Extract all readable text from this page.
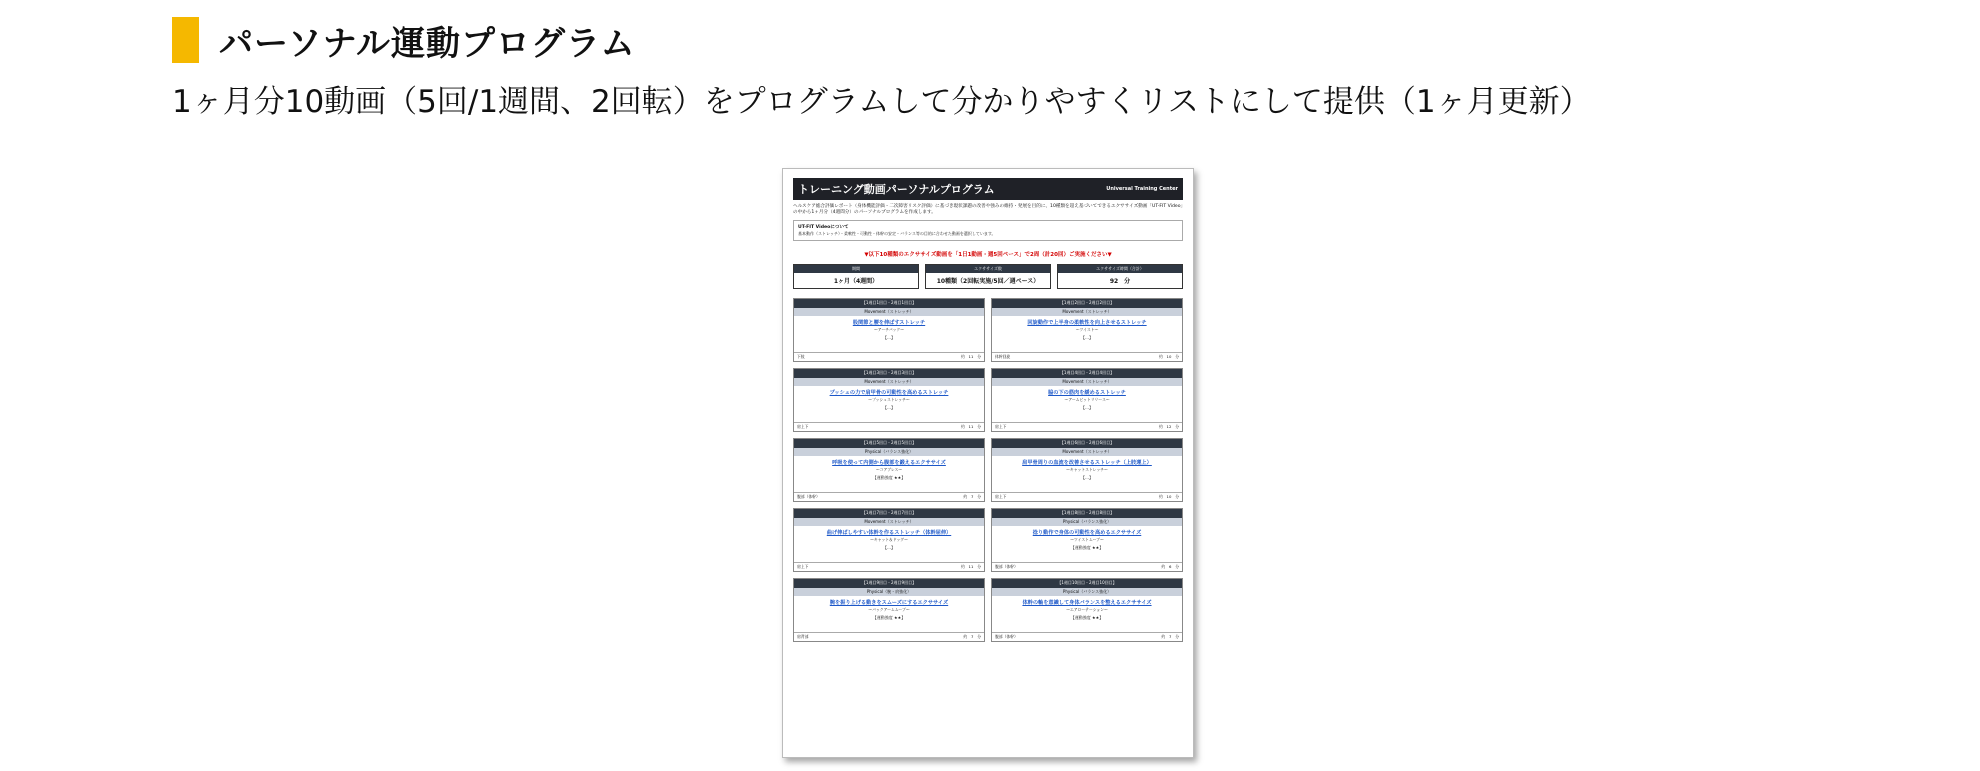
パーソナル運動プログラム
1ヶ月分10動画（5回/1週間、2回転）をプログラムして分かりやすくリストにして提供（1ヶ月更新）
トレーニング動画パーソナルプログラム	Universal Training Center
ヘルスケア総合評価レポート（身体機能評価・二次障害リスク評価）に基づき現状課題の改善や強みの維持・発展を目的に、10種類を超え基づいてできるエクササイズ動画「UT-FIT Video」の中から1ヶ月分（4週間分）のパーソナルプログラムを作成します。
UT-FIT Videoについて
基本動作（ストレッチ）・柔軟性・可動性・体幹の安定・バランス等の目的に合わせた動画を選択しています。
▼以下10種類のエクササイズ動画を「1日1動画・週5回ペース」で2周（計20回）ご実施ください▼
期間
1ヶ月（4週間）
エクササイズ数
10種類（2回転実施/5回／週ペース）
エクササイズ時間（合計）
92　分
【1週目1回目・2週目1回目】
Movement（ストレッチ）
股関節と腰を伸ばすストレッチ
～アーチバック～
【…】
下肢	約　11　分
【1週目2回目・2週目2回目】
Movement（ストレッチ）
回旋動作で上半身の柔軟性を向上させるストレッチ
～ツイスト～
【…】
体幹回旋	約　10　分
【1週目3回目・2週目3回目】
Movement（ストレッチ）
プッシュの力で肩甲骨の可動性を高めるストレッチ
～プッシュストレッチ～
【…】
肩上下	約　11　分
【1週目4回目・2週目4回目】
Movement（ストレッチ）
脇の下の筋肉を緩めるストレッチ
～アームピットリリース～
【…】
肩上下	約　12　分
【1週目5回目・2週目5回目】
Physical（バランス強化）
呼吸を使って内側から腹部を鍛えるエクササイズ
～コアブレス～
【運動強度 ★★】
腹部（体幹）	約　7　分
【1週目6回目・2週目6回目】
Movement（ストレッチ）
肩甲骨周りの血流を改善させるストレッチ（上肢運上）
～キャットストレッチ～
【…】
肩上下	約　10　分
【1週目7回目・2週目7回目】
Movement（ストレッチ）
曲げ伸ばしやすい体幹を作るストレッチ（体幹屈伸）
～キャット＆ドッグ～
【…】
肩上下	約　11　分
【1週目8回目・2週目8回目】
Physical（バランス強化）
捻り動作で身体の可動性を高めるエクササイズ
～ツイストムーブ～
【運動強度 ★★】
腹部（体幹）	約　6　分
【1週目9回目・2週目9回目】
Physical（腕・肩強化）
腕を振り上げる動きをスムーズにするエクササイズ
～バックアームムーブ～
【運動強度 ★★】
肩背部	約　7　分
【1週目10回目・2週目10回目】
Physical（バランス強化）
体幹の軸を意識して身体バランスを整えるエクササイズ
～エアローテーション～
【運動強度 ★★】
腹部（体幹）	約　7　分
